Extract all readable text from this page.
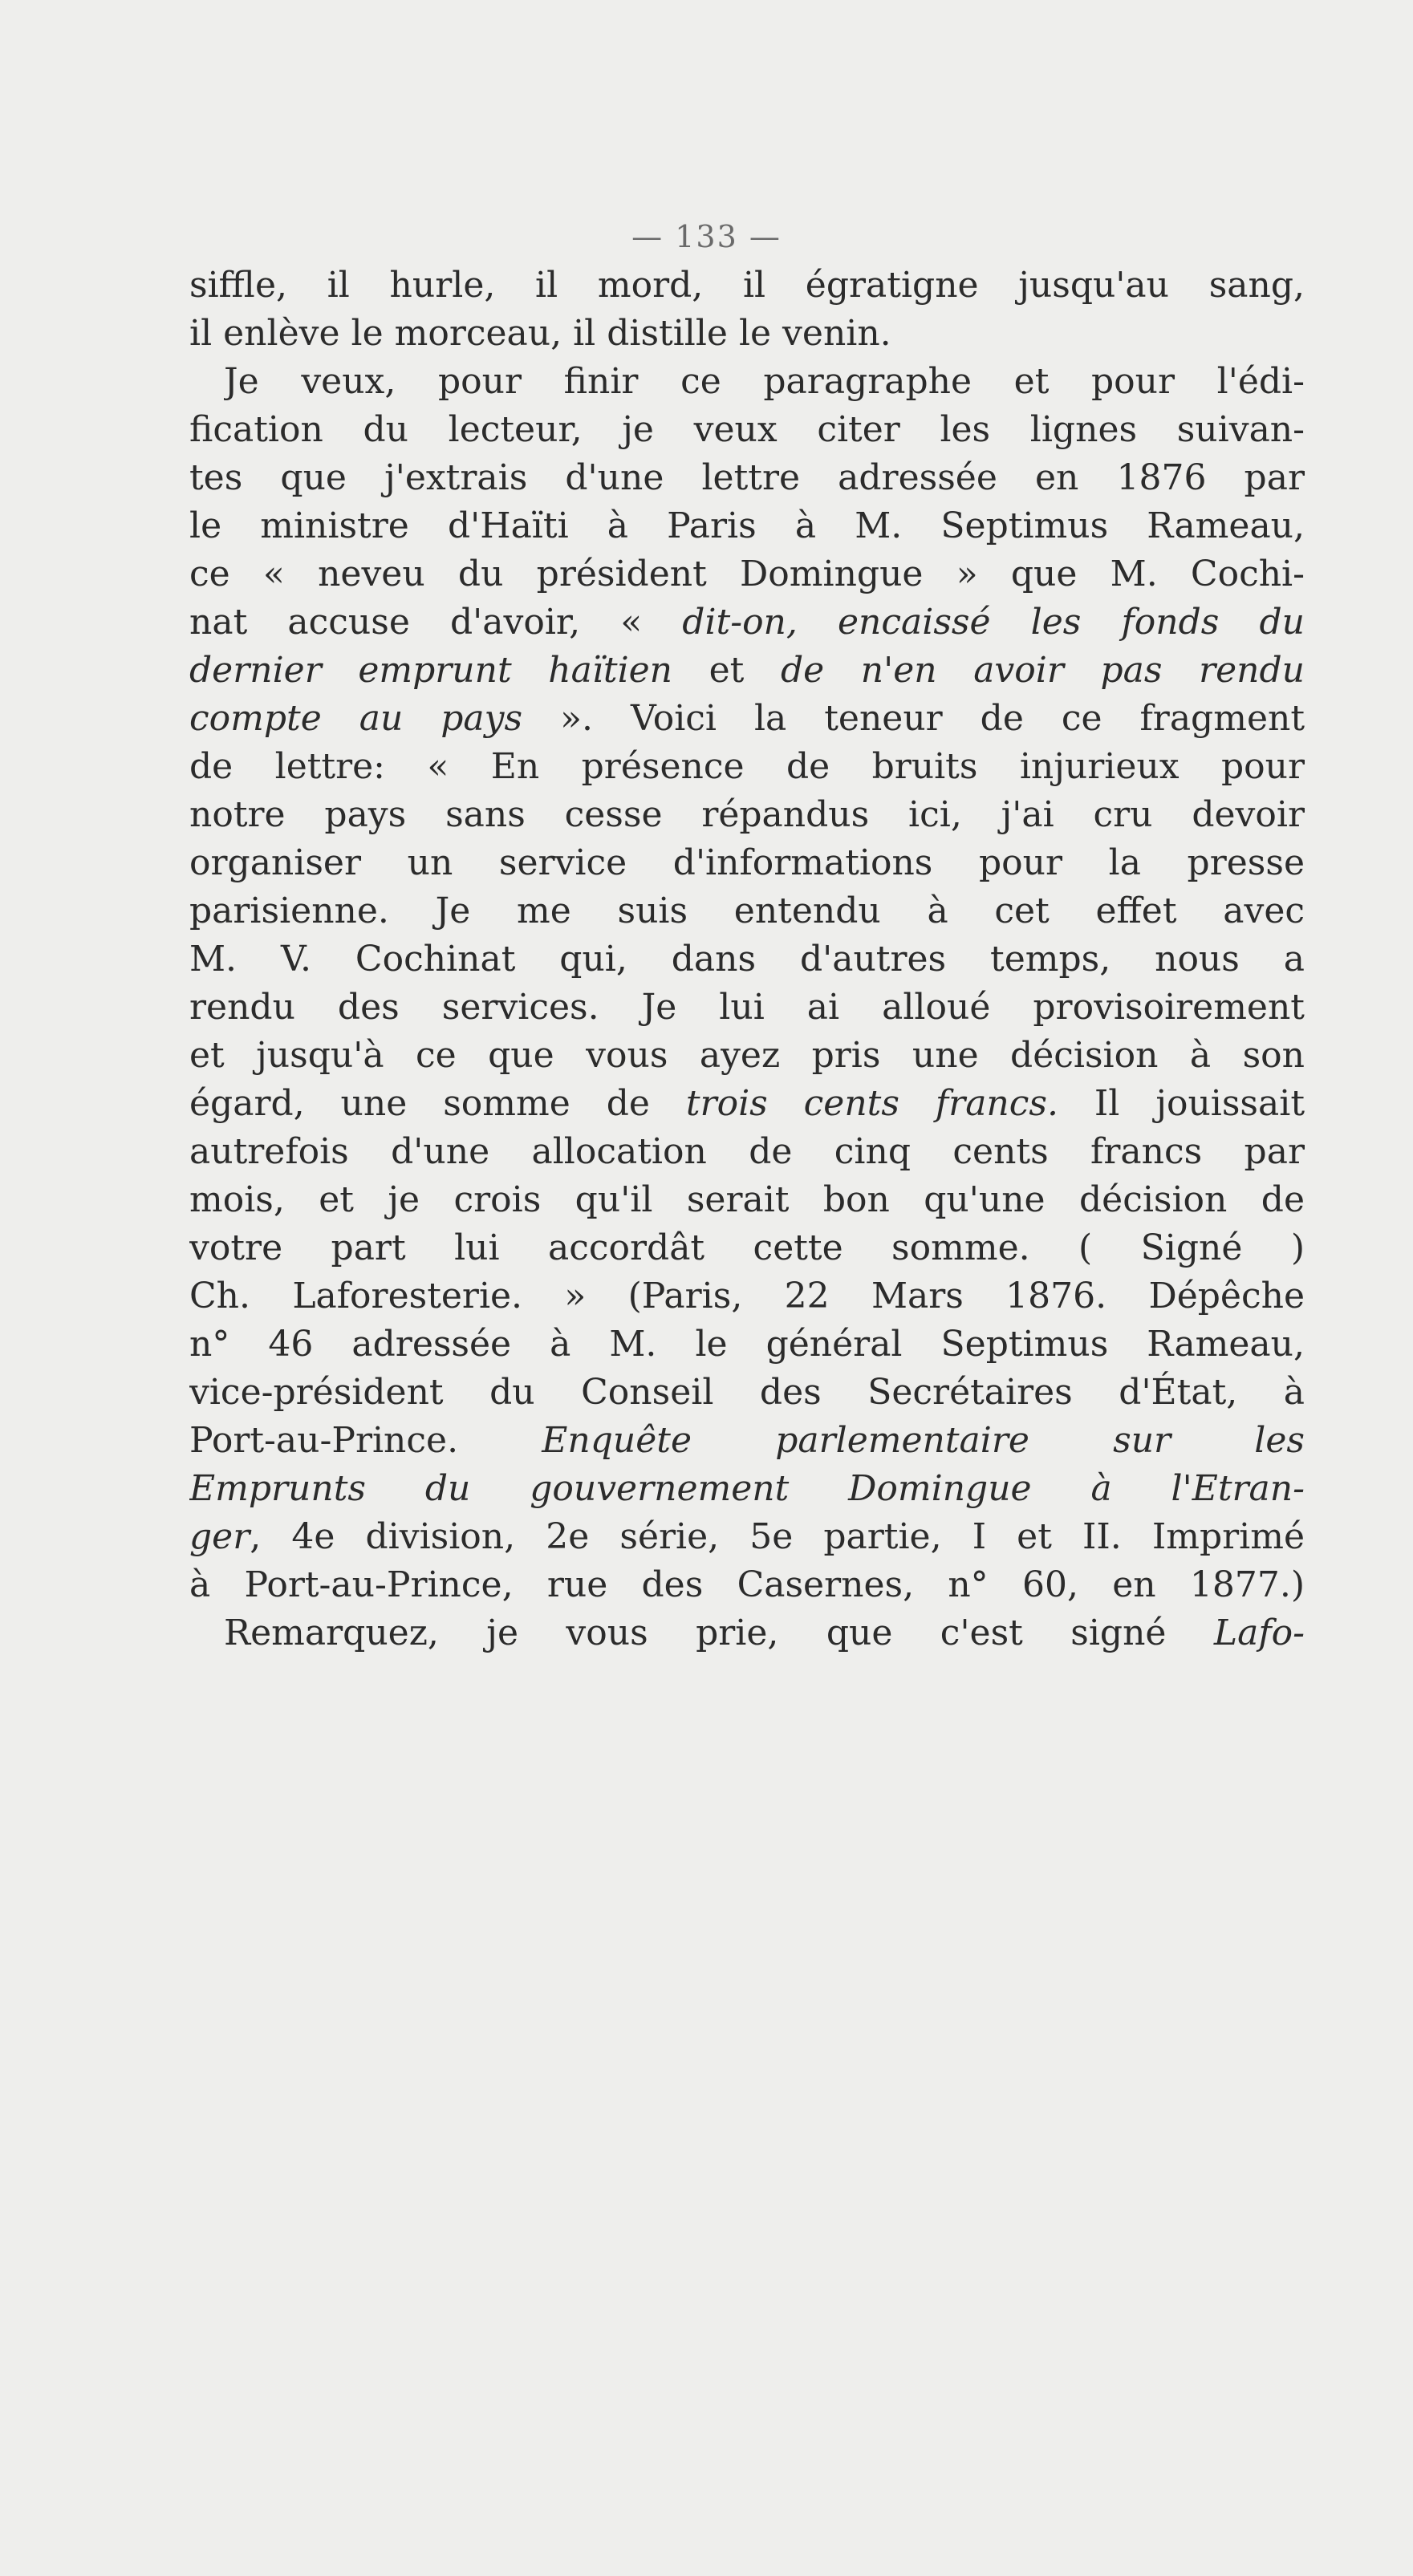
— 133 —
siffle, il hurle, il mord, il égratigne jusqu'au sang,
il enlève le morceau, il distille le venin.
Je veux, pour finir ce paragraphe et pour l'édi-
fication du lecteur, je veux citer les lignes suivan-
tes que j'extrais d'une lettre adressée en 1876 par
le ministre d'Haïti à Paris à M. Septimus Rameau,
ce « neveu du président Domingue » que M. Cochi-
nat accuse d'avoir, « dit-on, encaissé les fonds du
dernier emprunt haïtien et de n'en avoir pas rendu
compte au pays ». Voici la teneur de ce fragment
de lettre: « En présence de bruits injurieux pour
notre pays sans cesse répandus ici, j'ai cru devoir
organiser un service d'informations pour la presse
parisienne. Je me suis entendu à cet effet avec
M. V. Cochinat qui, dans d'autres temps, nous a
rendu des services. Je lui ai alloué provisoirement
et jusqu'à ce que vous ayez pris une décision à son
égard, une somme de trois cents francs. Il jouissait
autrefois d'une allocation de cinq cents francs par
mois, et je crois qu'il serait bon qu'une décision de
votre part lui accordât cette somme. ( Signé )
Ch. Laforesterie. » (Paris, 22 Mars 1876. Dépêche
n° 46 adressée à M. le général Septimus Rameau,
vice-président du Conseil des Secrétaires d'État, à
Port-au-Prince. Enquête parlementaire sur les
Emprunts du gouvernement Domingue à l'Etran-
ger, 4e division, 2e série, 5e partie, I et II. Imprimé
à Port-au-Prince, rue des Casernes, n° 60, en 1877.)
Remarquez, je vous prie, que c'est signé Lafo-
